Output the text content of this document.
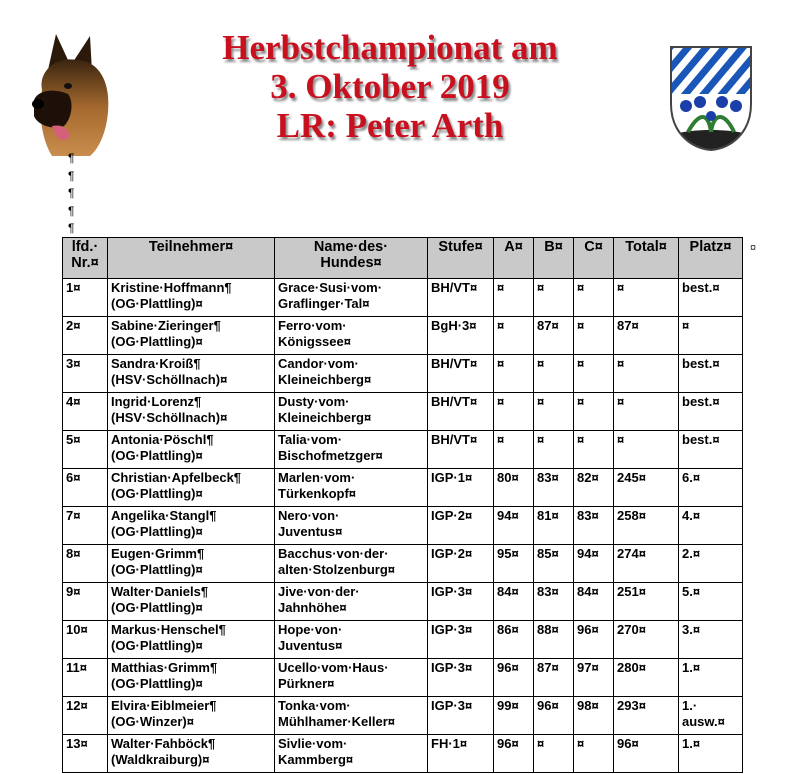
Herbstchampionat am
3. Oktober 2019
LR: Peter Arth
¶
¶
¶
¶
¶
lfd.·
Nr.¤	Teilnehmer¤	Name·des·
Hundes¤	Stufe¤	A¤	B¤	C¤	Total¤	Platz¤
1¤	Kristine·Hoffmann¶
(OG·Plattling)¤	Grace·Susi·vom·
Graflinger·Tal¤	BH/VT¤	¤	¤	¤	¤	best.¤

2¤	Sabine·Zieringer¶
(OG·Plattling)¤	Ferro·vom·
Königssee¤	BgH·3¤	¤	87¤	¤	87¤	¤

3¤	Sandra·Kroiß¶
(HSV·Schöllnach)¤	Candor·vom·
Kleineichberg¤	BH/VT¤	¤	¤	¤	¤	best.¤

4¤	Ingrid·Lorenz¶
(HSV·Schöllnach)¤	Dusty·vom·
Kleineichberg¤	BH/VT¤	¤	¤	¤	¤	best.¤

5¤	Antonia·Pöschl¶
(OG·Plattling)¤	Talia·vom·
Bischofmetzger¤	BH/VT¤	¤	¤	¤	¤	best.¤

6¤	Christian·Apfelbeck¶
(OG·Plattling)¤	Marlen·vom·
Türkenkopf¤	IGP·1¤	80¤	83¤	82¤	245¤	6.¤

7¤	Angelika·Stangl¶
(OG·Plattling)¤	Nero·von·
Juventus¤	IGP·2¤	94¤	81¤	83¤	258¤	4.¤

8¤	Eugen·Grimm¶
(OG·Plattling)¤	Bacchus·von·der·
alten·Stolzenburg¤	IGP·2¤	95¤	85¤	94¤	274¤	2.¤

9¤	Walter·Daniels¶
(OG·Plattling)¤	Jive·von·der·
Jahnhöhe¤	IGP·3¤	84¤	83¤	84¤	251¤	5.¤

10¤	Markus·Henschel¶
(OG·Plattling)¤	Hope·von·
Juventus¤	IGP·3¤	86¤	88¤	96¤	270¤	3.¤

11¤	Matthias·Grimm¶
(OG·Plattling)¤	Ucello·vom·Haus·
Pürkner¤	IGP·3¤	96¤	87¤	97¤	280¤	1.¤

12¤	Elvira·Eiblmeier¶
(OG·Winzer)¤	Tonka·vom·
Mühlhamer·Keller¤	IGP·3¤	99¤	96¤	98¤	293¤	1.·
ausw.¤

13¤	Walter·Fahböck¶
(Waldkraiburg)¤	Sivlie·vom·
Kammberg¤	FH·1¤	96¤	¤	¤	96¤	1.¤
¤
